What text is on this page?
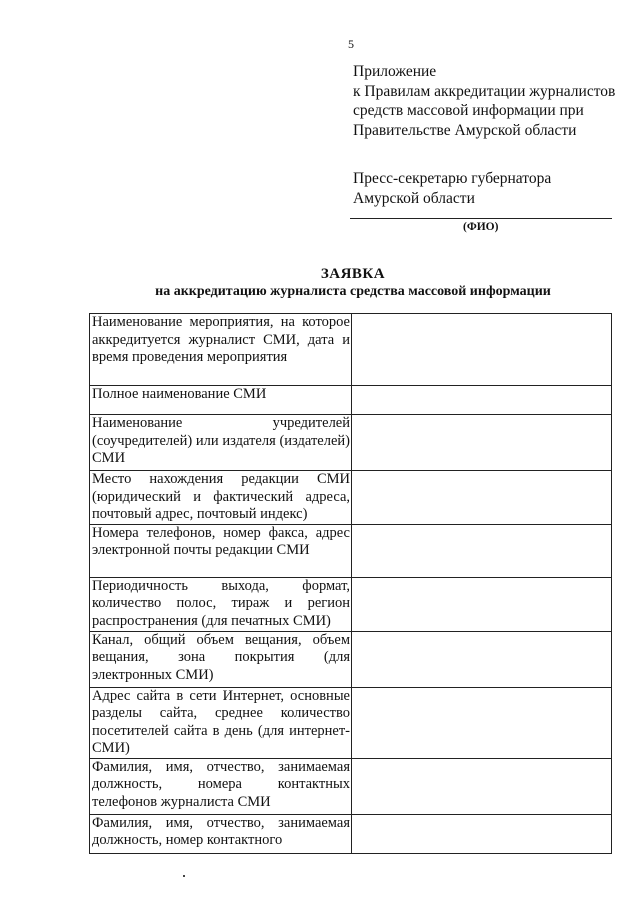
5
Приложение
к Правилам аккредитации журналистов
средств массовой информации при
Правительстве Амурской области
Пресс-секретарю губернатора
Амурской области
(ФИО)
ЗАЯВКА
на аккредитацию журналиста средства массовой информации
Наименование мероприятия, на которое аккредитуется журналист СМИ, дата и время проведения мероприятия	
Полное наименование СМИ	
Наименование учредителей (соучредителей) или издателя (издателей) СМИ	
Место нахождения редакции СМИ (юридический и фактический адреса, почтовый адрес, почтовый индекс)	
Номера телефонов, номер факса, адрес электронной почты редакции СМИ	
Периодичность выхода, формат, количество полос, тираж и регион распространения (для печатных СМИ)	
Канал, общий объем вещания, объем вещания, зона покрытия (для электронных СМИ)	
Адрес сайта в сети Интернет, основные разделы сайта, среднее количество посетителей сайта в день (для интернет-СМИ)	
Фамилия, имя, отчество, занимаемая должность, номера контактных телефонов журналиста СМИ	
Фамилия, имя, отчество, занимаемая должность, номер контактного	
